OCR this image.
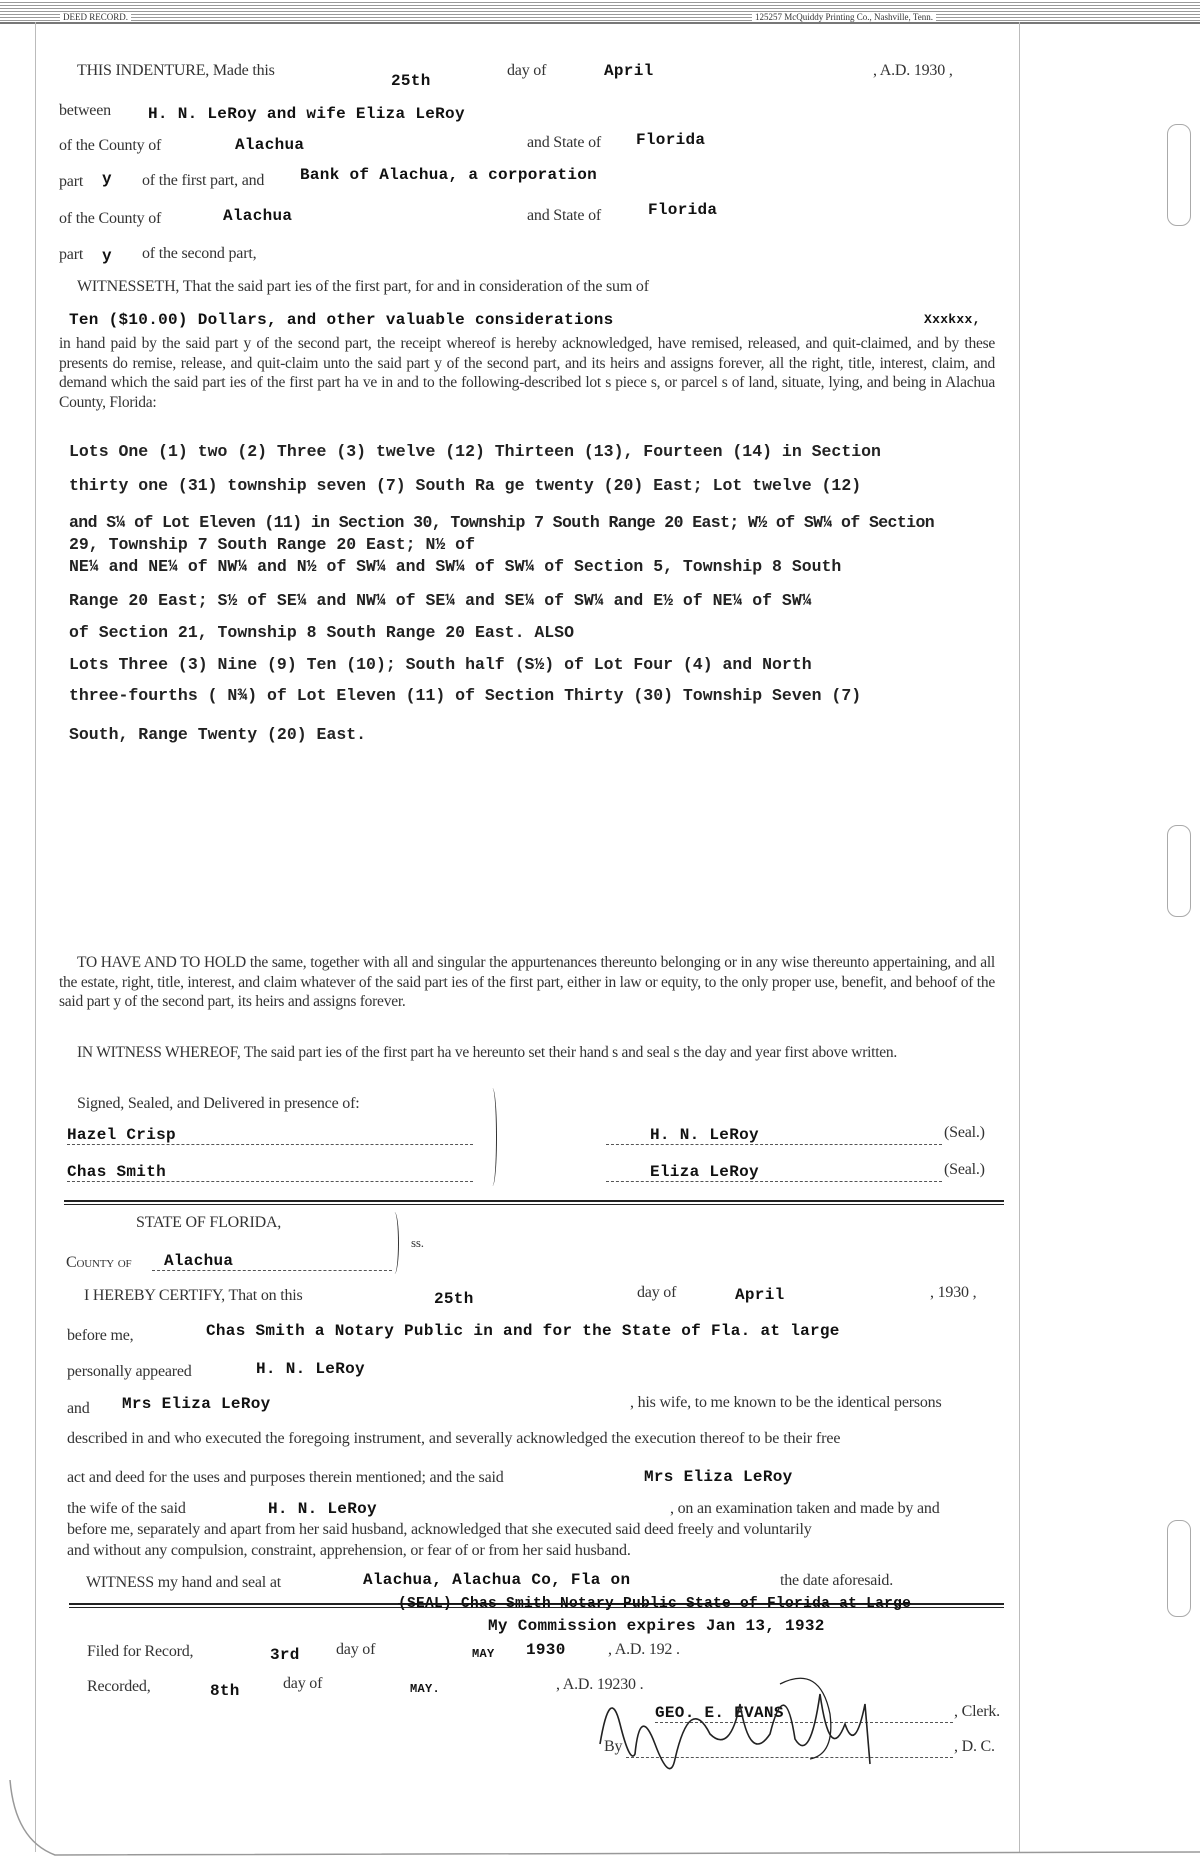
DEED RECORD.	125257 McQuiddy Printing Co., Nashville, Tenn.
THIS INDENTURE, Made this
25th
day of	April	, A.D. 1930 ,
between H. N. LeRoy and wife Eliza LeRoy
of the County of	Alachua	and State of Florida
part y of the first part, and Bank of Alachua, a corporation
of the County of	Alachua	and State of	Florida
part y of the second part,
WITNESSETH, That the said part ies of the first part, for and in consideration of the sum of
Ten ($10.00) Dollars, and other valuable considerations	Xxxkxx,
in hand paid by the said part y of the second part, the receipt whereof is hereby acknowledged, have remised, released, and quit-claimed, and by these presents do remise, release, and quit-claim unto the said part y of the second part, and its heirs and assigns forever, all the right, title, interest, claim, and demand which the said part ies of the first part ha ve in and to the following-described lot s piece s, or parcel s of land, situate, lying, and being in Alachua County, Florida:
Lots One (1) two (2) Three (3) twelve (12) Thirteen (13), Fourteen (14) in Section
thirty one (31) township seven (7) South Ra ge twenty (20) East; Lot twelve (12)
and S¼ of Lot Eleven (11) in Section 30, Township 7 South Range 20 East; W½ of SW¼ of Section
29, Township 7 South Range 20 East; N½ of
NE¼ and NE¼ of NW¼ and N½ of SW¼ and SW¼ of SW¼ of Section 5, Township 8 South
Range 20 East; S½ of SE¼ and NW¼ of SE¼ and SE¼ of SW¼ and E½ of NE¼ of SW¼
of Section 21, Township 8 South Range 20 East. ALSO
Lots Three (3) Nine (9) Ten (10); South half (S½) of Lot Four (4) and North
three-fourths ( N¾) of Lot Eleven (11) of Section Thirty (30) Township Seven (7)
South, Range Twenty (20) East.
TO HAVE AND TO HOLD the same, together with all and singular the appurtenances thereunto belonging or in any wise thereunto appertaining, and all the estate, right, title, interest, and claim whatever of the said part ies of the first part, either in law or equity, to the only proper use, benefit, and behoof of the said part y of the second part, its heirs and assigns forever.
IN WITNESS WHEREOF, The said part ies of the first part ha ve hereunto set their hand s and seal s the day and year first above written.
Signed, Sealed, and Delivered in presence of:
Hazel Crisp
Chas Smith
H. N. LeRoy	(Seal.)
Eliza LeRoy	(Seal.)
STATE OF FLORIDA,
ss.
County of	Alachua
I HEREBY CERTIFY, That on this	25th	day of	April	, 1930 ,
before me,	Chas Smith a Notary Public in and for the State of Fla. at large
personally appeared	H. N. LeRoy
and Mrs Eliza LeRoy	, his wife, to me known to be the identical persons
described in and who executed the foregoing instrument, and severally acknowledged the execution thereof to be their free
act and deed for the uses and purposes therein mentioned; and the said	Mrs Eliza LeRoy
the wife of the said	H. N. LeRoy	, on an examination taken and made by and
before me, separately and apart from her said husband, acknowledged that she executed said deed freely and voluntarily
and without any compulsion, constraint, apprehension, or fear of or from her said husband.
WITNESS my hand and seal at	Alachua, Alachua Co, Fla on	the date aforesaid.
(SEAL) Chas Smith Notary Public State of Florida at Large
My Commission expires Jan 13, 1932
Filed for Record,	3rd day of	MAY 1930	, A.D. 192 .
Recorded,	8th	day of	MAY.	, A.D. 19230 .
GEO. E. EVANS	, Clerk.
By	, D. C.
